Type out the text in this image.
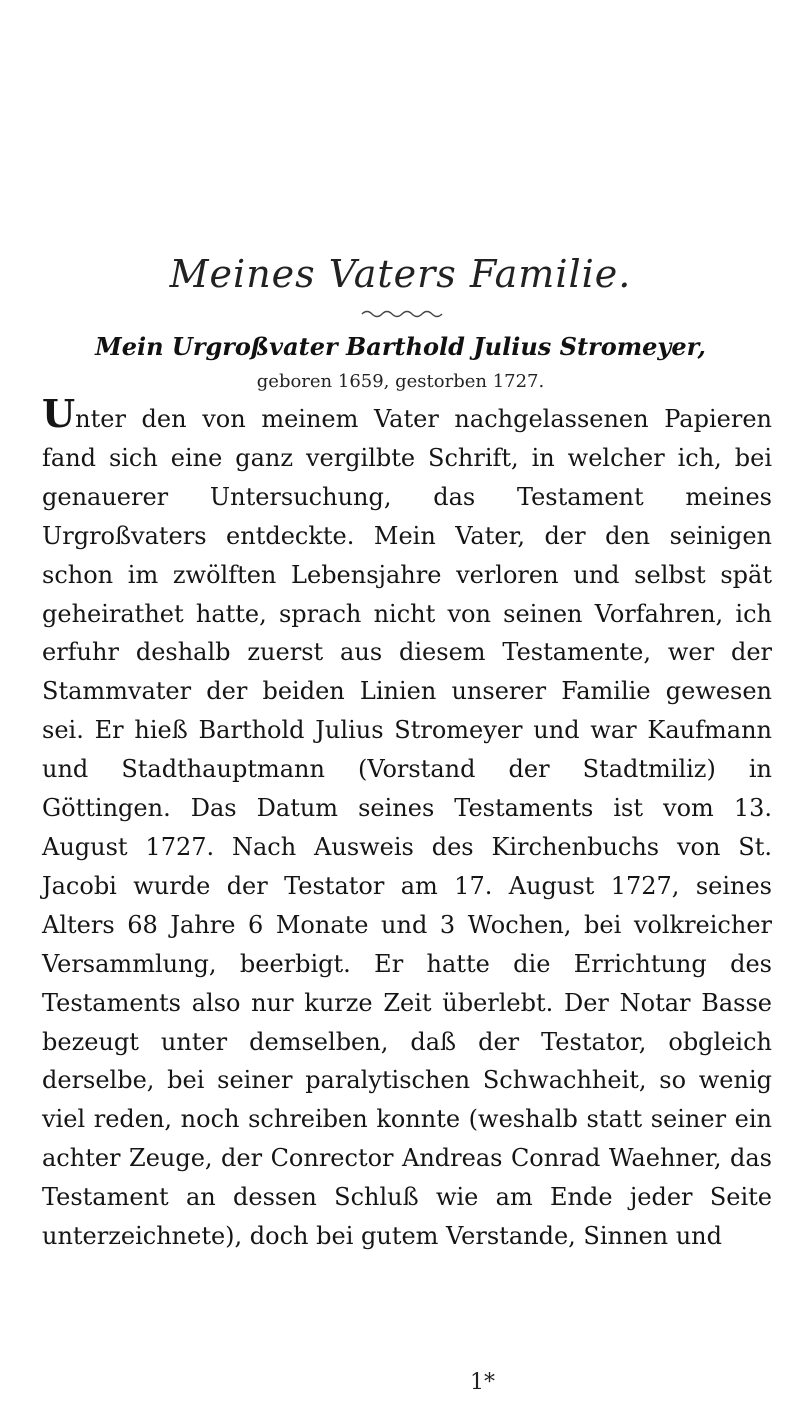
Meines Vaters Familie.
Mein Urgroßvater Barthold Julius Stromeyer,
geboren 1659, gestorben 1727.
Unter den von meinem Vater nachgelassenen Papieren fand sich eine ganz vergilbte Schrift, in welcher ich, bei genauerer Untersuchung, das Testament meines Urgroßvaters entdeckte. Mein Vater, der den seinigen schon im zwölften Lebensjahre verloren und selbst spät geheirathet hatte, sprach nicht von seinen Vorfahren, ich erfuhr deshalb zuerst aus diesem Testamente, wer der Stammvater der beiden Linien unserer Familie gewesen sei. Er hieß Barthold Julius Stromeyer und war Kaufmann und Stadthauptmann (Vorstand der Stadtmiliz) in Göttingen. Das Datum seines Testaments ist vom 13. August 1727. Nach Ausweis des Kirchenbuchs von St. Jacobi wurde der Testator am 17. August 1727, seines Alters 68 Jahre 6 Monate und 3 Wochen, bei volkreicher Versammlung, beerbigt. Er hatte die Errichtung des Testaments also nur kurze Zeit überlebt. Der Notar Basse bezeugt unter demselben, daß der Testator, obgleich derselbe, bei seiner paralytischen Schwachheit, so wenig viel reden, noch schreiben konnte (weshalb statt seiner ein achter Zeuge, der Conrector Andreas Conrad Waehner, das Testament an dessen Schluß wie am Ende jeder Seite unterzeichnete), doch bei gutem Verstande, Sinnen und
1*
